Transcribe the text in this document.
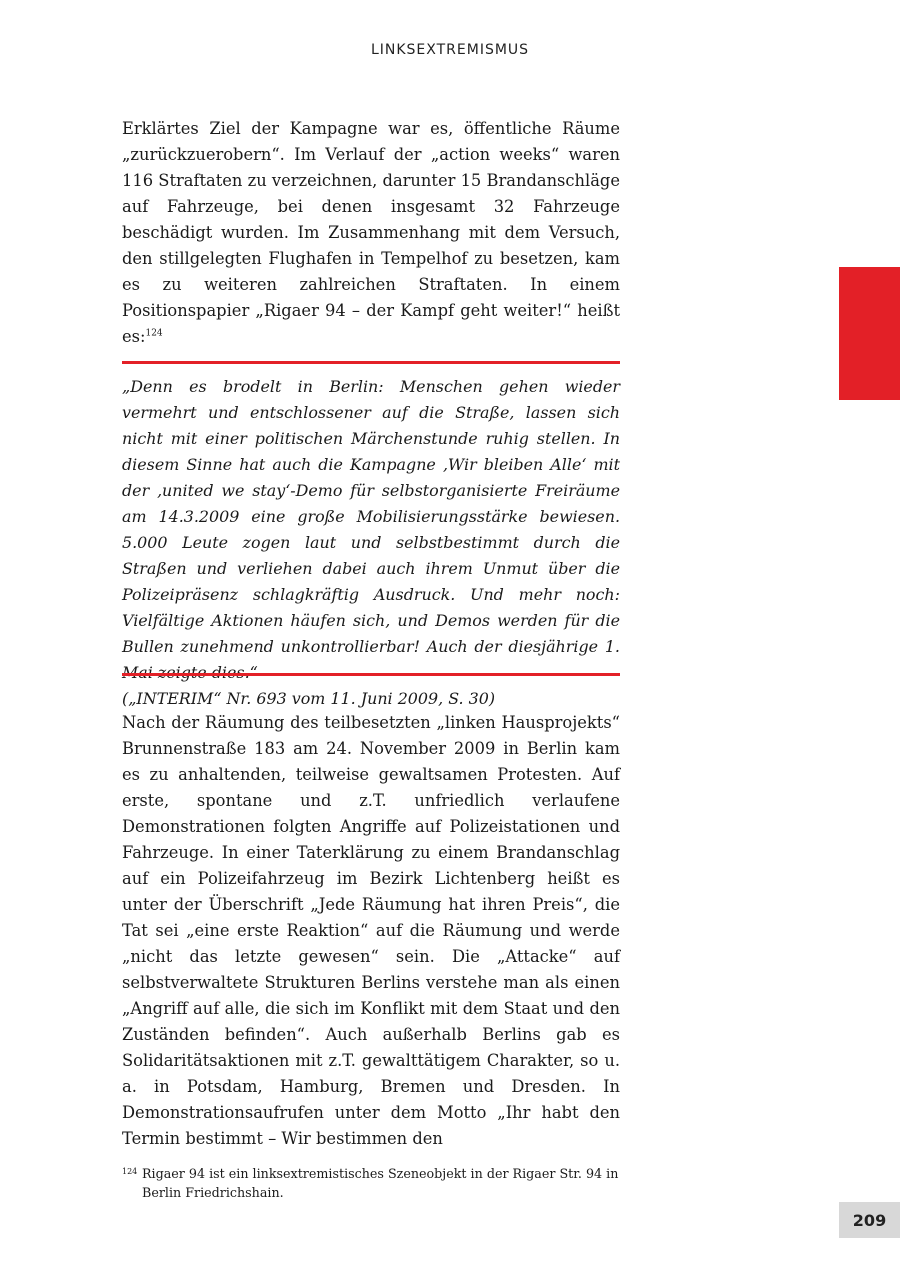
LINKSEXTREMISMUS
Erklärtes Ziel der Kampagne war es, öffentliche Räume „zurückzuerobern“. Im Verlauf der „action weeks“ waren 116 Straftaten zu verzeichnen, darunter 15 Brandanschläge auf Fahrzeuge, bei denen insgesamt 32 Fahrzeuge beschädigt wurden. Im Zusammenhang mit dem Versuch, den stillgelegten Flughafen in Tempelhof zu besetzen, kam es zu weiteren zahlreichen Straftaten. In einem Positionspapier „Rigaer 94 – der Kampf geht weiter!“ heißt es:$^{124}$
„Denn es brodelt in Berlin: Menschen gehen wieder vermehrt und entschlossener auf die Straße, lassen sich nicht mit einer politischen Märchenstunde ruhig stellen. In diesem Sinne hat auch die Kampagne ‚Wir bleiben Alle‘ mit der ‚united we stay‘-Demo für selbstorganisierte Freiräume am 14.3.2009 eine große Mobilisierungsstärke bewiesen. 5.000 Leute zogen laut und selbstbestimmt durch die Straßen und verliehen dabei auch ihrem Unmut über die Polizeipräsenz schlagkräftig Ausdruck. Und mehr noch: Vielfältige Aktionen häufen sich, und Demos werden für die Bullen zunehmend unkontrollierbar! Auch der diesjährige 1.
(„INTERIM“ Nr. 693 vom 11. Juni 2009, S. 30)
Nach der Räumung des teilbesetzten „linken Hausprojekts“ Brunnenstraße 183 am 24. November 2009 in Berlin kam es zu anhaltenden, teilweise gewaltsamen Protesten. Auf erste, spontane und z.T. unfriedlich verlaufene Demonstrationen folgten Angriffe auf Polizeistationen und Fahrzeuge. In einer Taterklärung zu einem Brandanschlag auf ein Polizeifahrzeug im Bezirk Lichtenberg heißt es unter der Überschrift „Jede Räumung hat ihren Preis“, die Tat sei „eine erste Reaktion“ auf die Räumung und werde „nicht das letzte gewesen“ sein. Die „Attacke“ auf selbstverwaltete Strukturen Berlins verstehe man als einen „Angriff auf alle, die sich im Konflikt mit dem Staat und den Zuständen befinden“. Auch außerhalb Berlins gab es Solidaritätsaktionen mit z.T. gewalttätigem Charakter, so u. a. in Potsdam, Hamburg, Bremen und Dresden. In Demonstrationsaufrufen unter dem Motto „Ihr habt den Termin bestimmt – Wir bestimmen den
124 Rigaer 94 ist ein linksextremistisches Szeneobjekt in der Rigaer Str. 94 in Berlin Friedrichshain.
209
